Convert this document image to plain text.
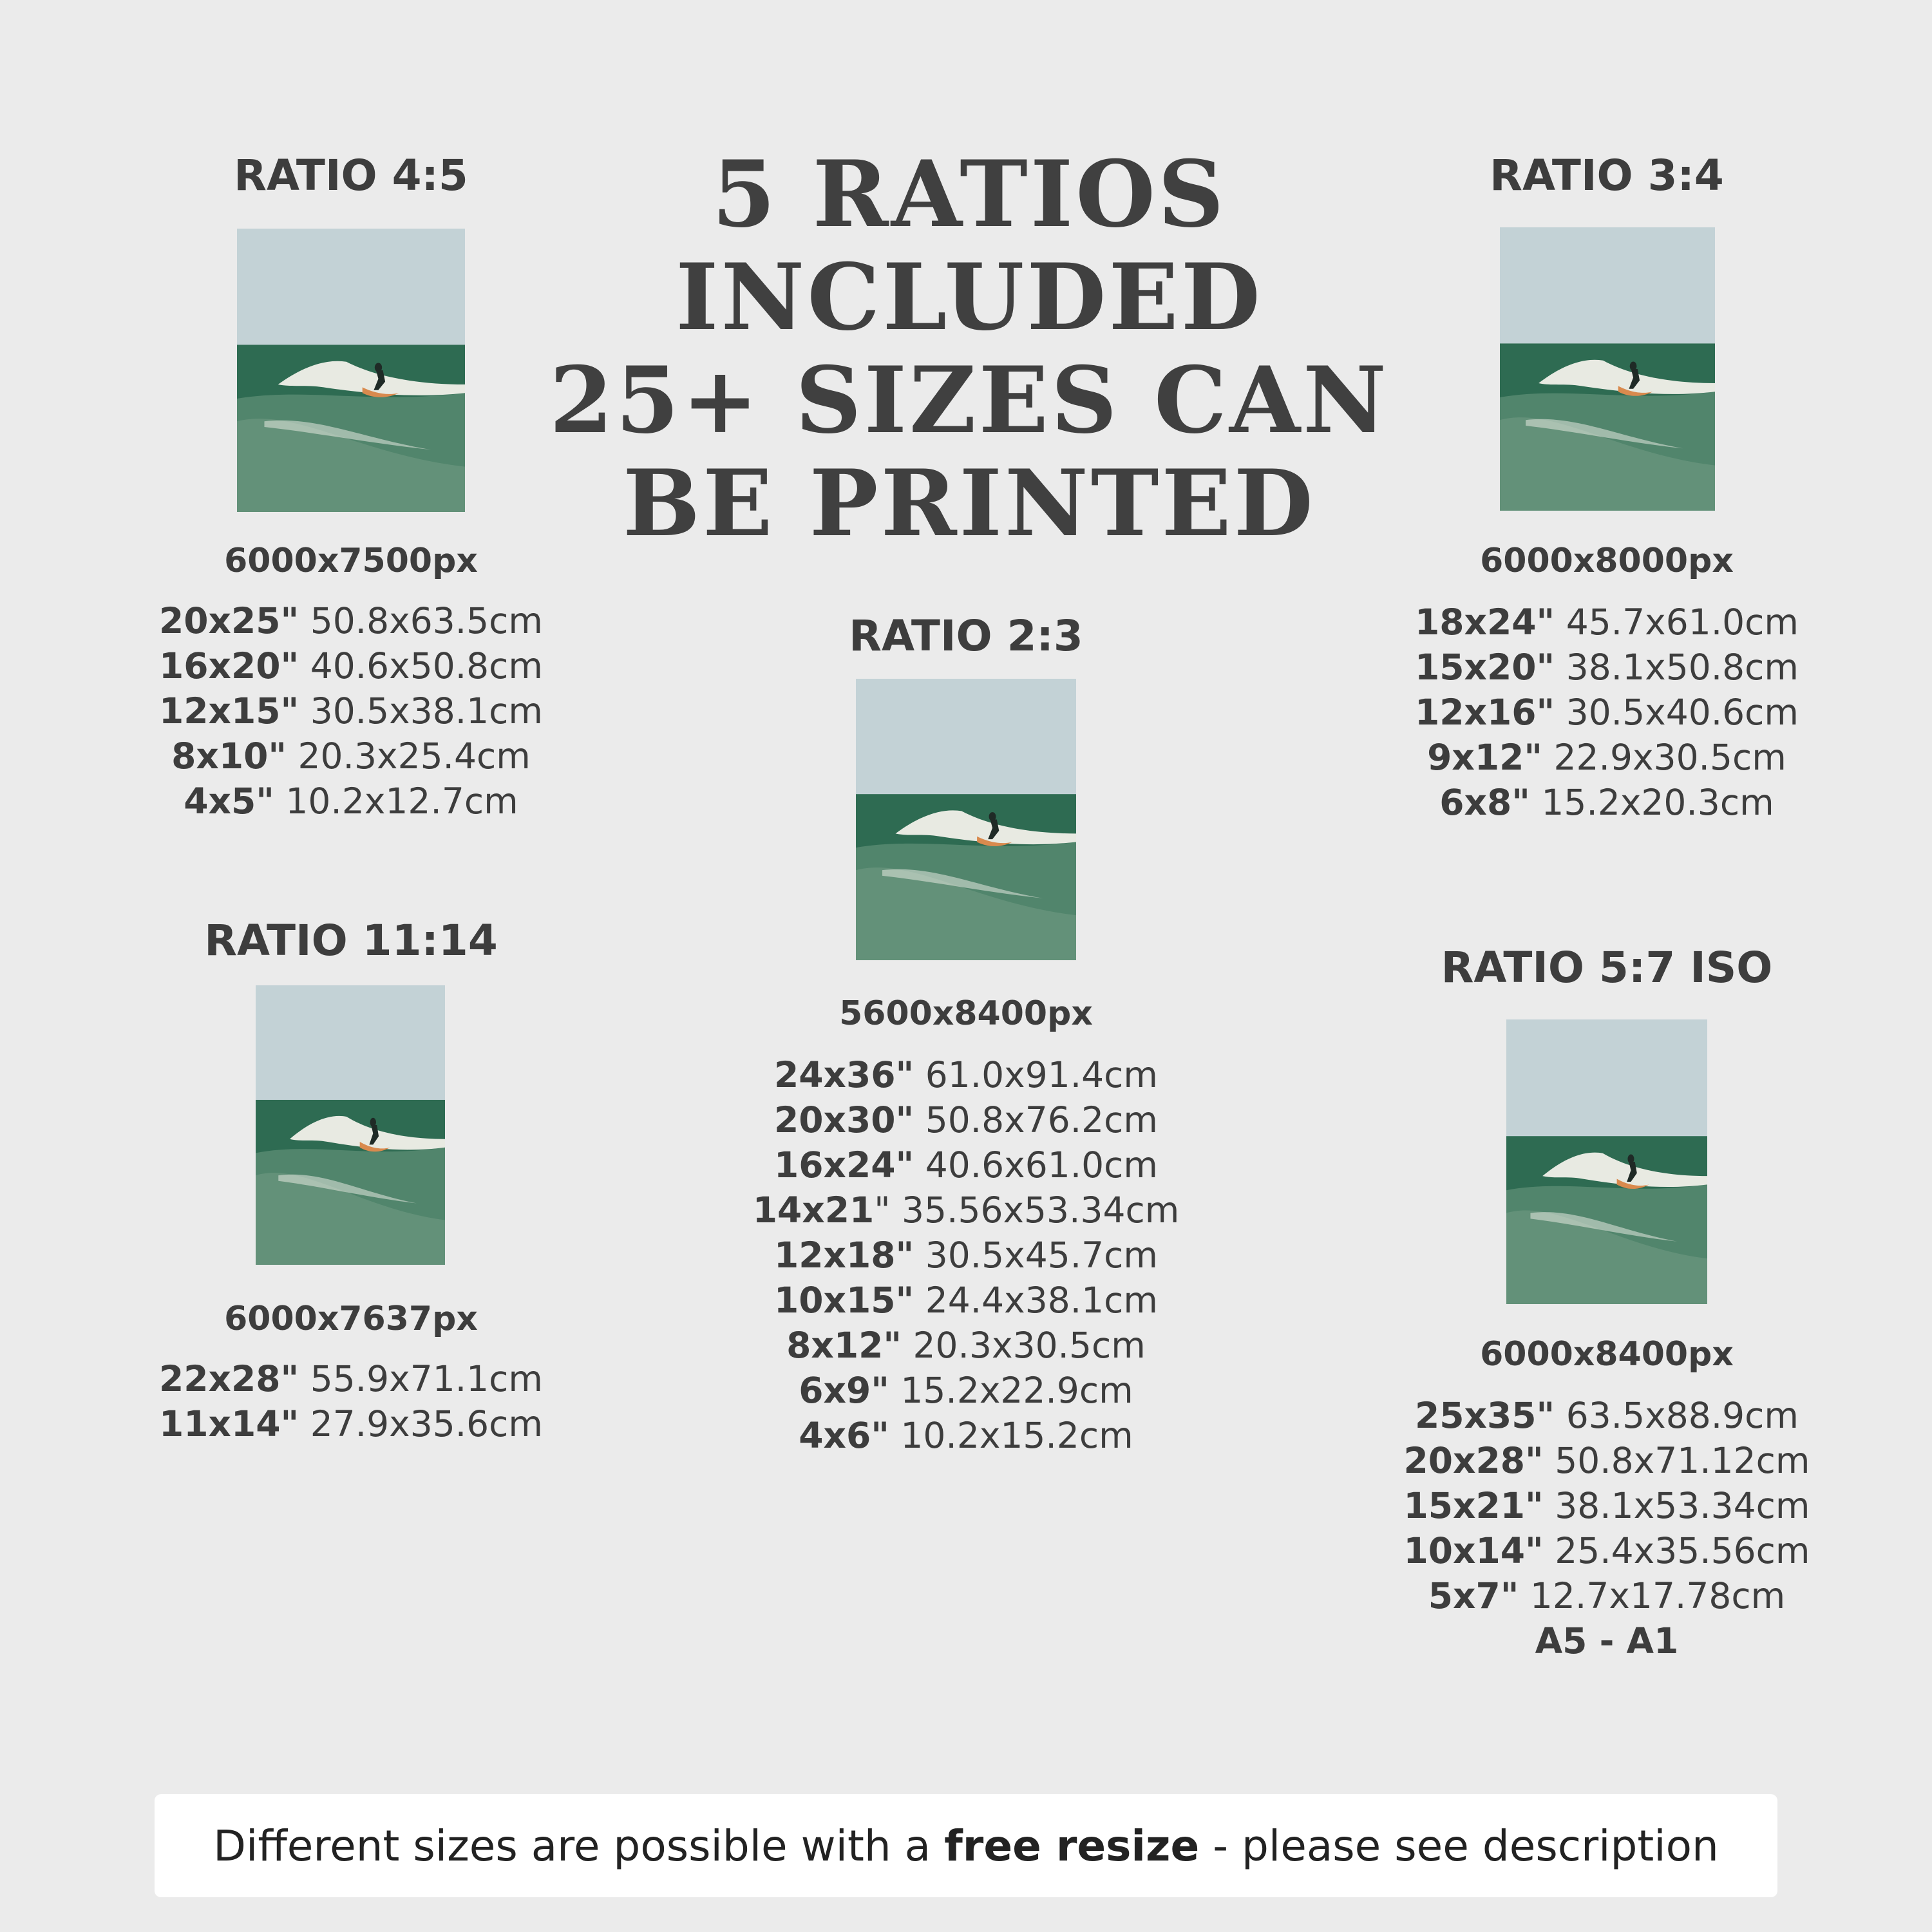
5 RATIOS
INCLUDED
25+ SIZES CAN
BE PRINTED
RATIO 4:5
6000x7500px
20x25" 50.8x63.5cm
16x20" 40.6x50.8cm
12x15" 30.5x38.1cm
8x10" 20.3x25.4cm
4x5" 10.2x12.7cm
RATIO 11:14
6000x7637px
22x28" 55.9x71.1cm
11x14" 27.9x35.6cm
RATIO 2:3
5600x8400px
24x36" 61.0x91.4cm
20x30" 50.8x76.2cm
16x24" 40.6x61.0cm
14x21" 35.56x53.34cm
12x18" 30.5x45.7cm
10x15" 24.4x38.1cm
8x12" 20.3x30.5cm
6x9" 15.2x22.9cm
4x6" 10.2x15.2cm
RATIO 3:4
6000x8000px
18x24" 45.7x61.0cm
15x20" 38.1x50.8cm
12x16" 30.5x40.6cm
9x12" 22.9x30.5cm
6x8" 15.2x20.3cm
RATIO 5:7 ISO
6000x8400px
25x35" 63.5x88.9cm
20x28" 50.8x71.12cm
15x21" 38.1x53.34cm
10x14" 25.4x35.56cm
5x7" 12.7x17.78cm
A5 - A1
Different sizes are possible with a free resize - please see description
